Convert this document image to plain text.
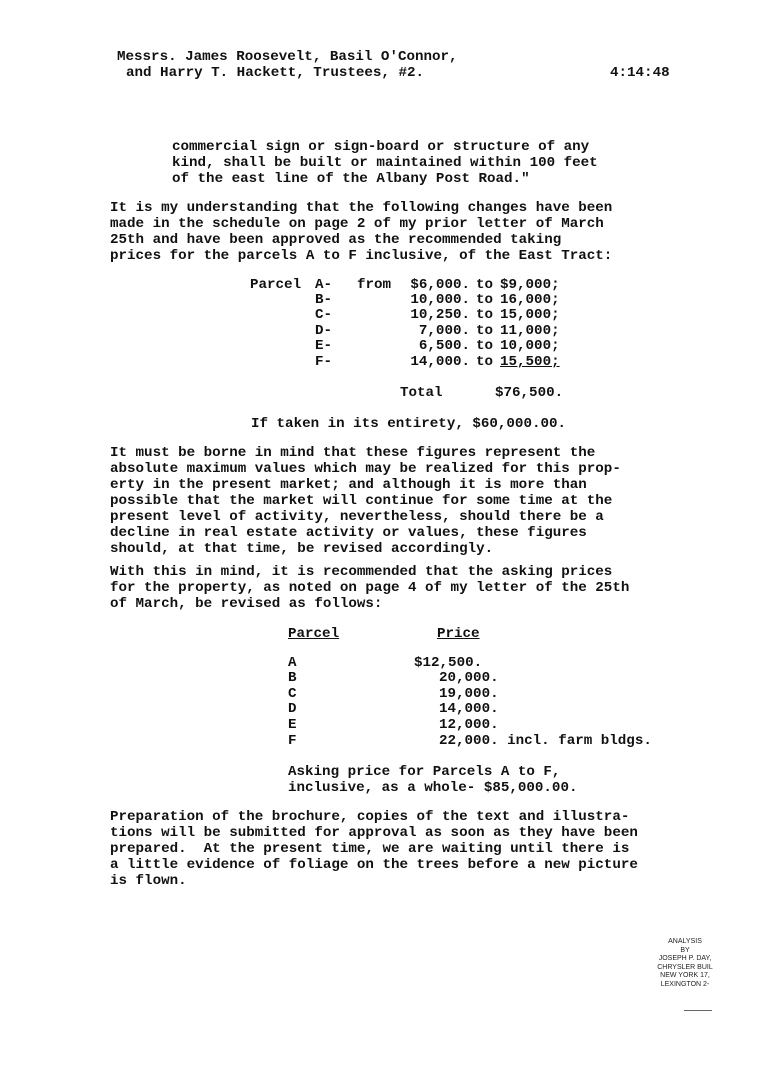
Messrs. James Roosevelt, Basil O'Connor,
and Harry T. Hackett, Trustees, #2.	4:14:48
commercial sign or sign-board or structure of any
kind, shall be built or maintained within 100 feet
of the east line of the Albany Post Road."
It is my understanding that the following changes have been
made in the schedule on page 2 of my prior letter of March
25th and have been approved as the recommended taking
prices for the parcels A to F inclusive, of the East Tract:
Parcel A- from	$6,000. to $9,000;
B-	10,000. to 16,000;
C-	10,250. to 15,000;
D-	7,000. to 11,000;
E-	6,500. to 10,000;
F-	14,000. to 15,500;
Total	$76,500.
If taken in its entirety, $60,000.00.
It must be borne in mind that these figures represent the
absolute maximum values which may be realized for this prop-
erty in the present market; and although it is more than
possible that the market will continue for some time at the
present level of activity, nevertheless, should there be a
decline in real estate activity or values, these figures
should, at that time, be revised accordingly.
With this in mind, it is recommended that the asking prices
for the property, as noted on page 4 of my letter of the 25th
of March, be revised as follows:
Parcel	Price
A	$12,500.
B	20,000.
C	19,000.
D	14,000.
E	12,000.
F	22,000. incl. farm bldgs.
Asking price for Parcels A to F,
inclusive, as a whole- $85,000.00.
Preparation of the brochure, copies of the text and illustra-
tions will be submitted for approval as soon as they have been
prepared.  At the present time, we are waiting until there is
a little evidence of foliage on the trees before a new picture
is flown.
ANALYSIS
BY
JOSEPH P. DAY,
CHRYSLER BUIL
NEW YORK 17,
LEXINGTON 2-
